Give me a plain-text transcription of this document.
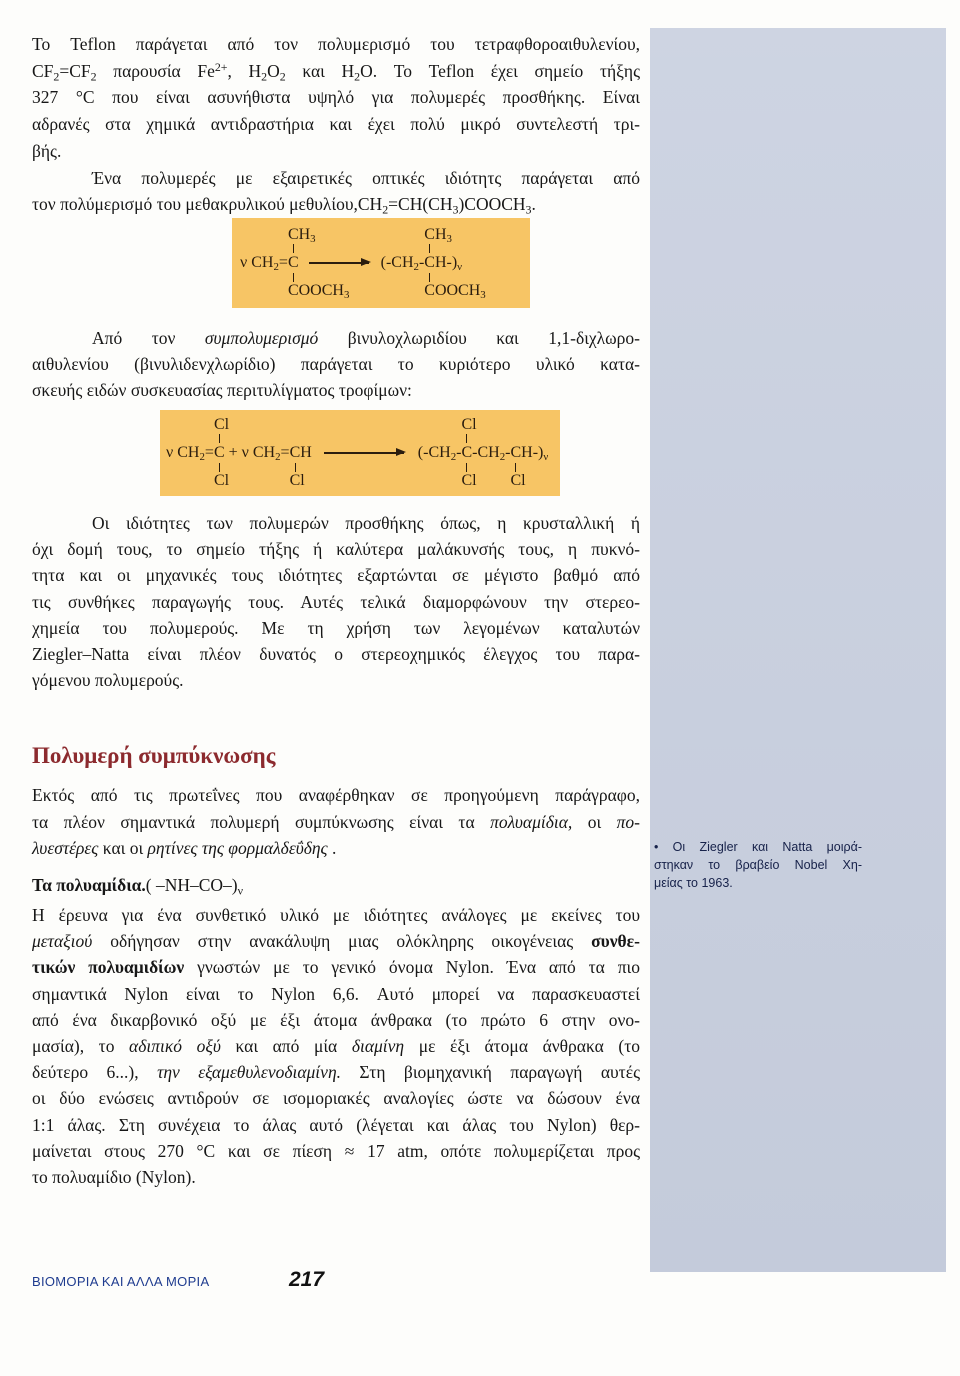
• Οι Ziegler και Natta μοιρά-
στηκαν το βραβείο Nobel Χη-
μείας το 1963.
Το Teflon παράγεται από τον πολυμερισμό του τετραφθοροαιθυλενίου,
CF2=CF2 παρουσία $Fe^{2+}$, H2O2 και H2O. Το Teflon έχει σημείο τήξης
327 °C που είναι ασυνήθιστα υψηλό για πολυμερές προσθήκης. Είναι
αδρανές στα χημικά αντιδραστήρια και έχει πολύ μικρό συντελεστή τρι-
βής.
Ένα πολυμερές με εξαιρετικές οπτικές ιδιότητς παράγεται από
τον πολύμερισμό του μεθακρυλικού μεθυλίου,CH2=CH(CH3)COOCH3.
ν CH2=
CH3
C
COOCH3
→ (-CH2-
CH3
CH
COOCH3
-)ν
Από τον συμπολυμερισμό βινυλοχλωριδίου και 1,1-διχλωρο-
αιθυλενίου (βινυλιδενχλωρίδιο) παράγεται το κυριότερο υλικό κατα-
σκευής ειδών συσκευασίας περιτυλίγματος τροφίμων:
ν CH2=
Cl
C
Cl
+ ν CH2= CH
Cl
(-CH2-
Cl
C
Cl
-CH2- CH
Cl
-)ν
Οι ιδιότητες των πολυμερών προσθήκης όπως, η κρυσταλλική ή
όχι δομή τους, το σημείο τήξης ή καλύτερα μαλάκυνσής τους, η πυκνό-
τητα και οι μηχανικές τους ιδιότητες εξαρτώνται σε μέγιστο βαθμό από
τις συνθήκες παραγωγής τους. Αυτές τελικά διαμορφώνουν την στερεο-
χημεία του πολυμερούς. Με τη χρήση των λεγομένων καταλυτών
Ziegler–Natta είναι πλέον δυνατός ο στερεοχημικός έλεγχος του παρα-
γόμενου πολυμερούς.
Πολυμερή συμπύκνωσης
Εκτός από τις πρωτεΐνες που αναφέρθηκαν σε προηγούμενη παράγραφο,
τα πλέον σημαντικά πολυμερή συμπύκνωσης είναι τα πολυαμίδια, οι πο-
λυεστέρες και οι ρητίνες της φορμαλδεΰδης .
Τα πολυαμίδια.( –NH–CO–)ν
Η έρευνα για ένα συνθετικό υλικό με ιδιότητες ανάλογες με εκείνες του
μεταξιού οδήγησαν στην ανακάλυψη μιας ολόκληρης οικογένειας συνθε-
τικών πολυαμιδίων γνωστών με το γενικό όνομα Nylon. Ένα από τα πιο
σημαντικά Nylon είναι το Nylon 6,6. Αυτό μπορεί να παρασκευαστεί
από ένα δικαρβονικό οξύ με έξι άτομα άνθρακα (το πρώτο 6 στην ονο-
μασία), το αδιπικό οξύ και από μία διαμίνη με έξι άτομα άνθρακα (το
δεύτερο 6...), την εξαμεθυλενοδιαμίνη. Στη βιομηχανική παραγωγή αυτές
οι δύο ενώσεις αντιδρούν σε ισομοριακές αναλογίες ώστε να δώσουν ένα
1:1 άλας. Στη συνέχεια το άλας αυτό (λέγεται και άλας του Nylon) θερ-
μαίνεται στους 270 °C και σε πίεση ≈ 17 atm, οπότε πολυμερίζεται προς
το πολυαμίδιο (Nylon).
ΒΙΟΜΟΡΙΑ ΚΑΙ ΑΛΛΑ ΜΟΡΙΑ	217
